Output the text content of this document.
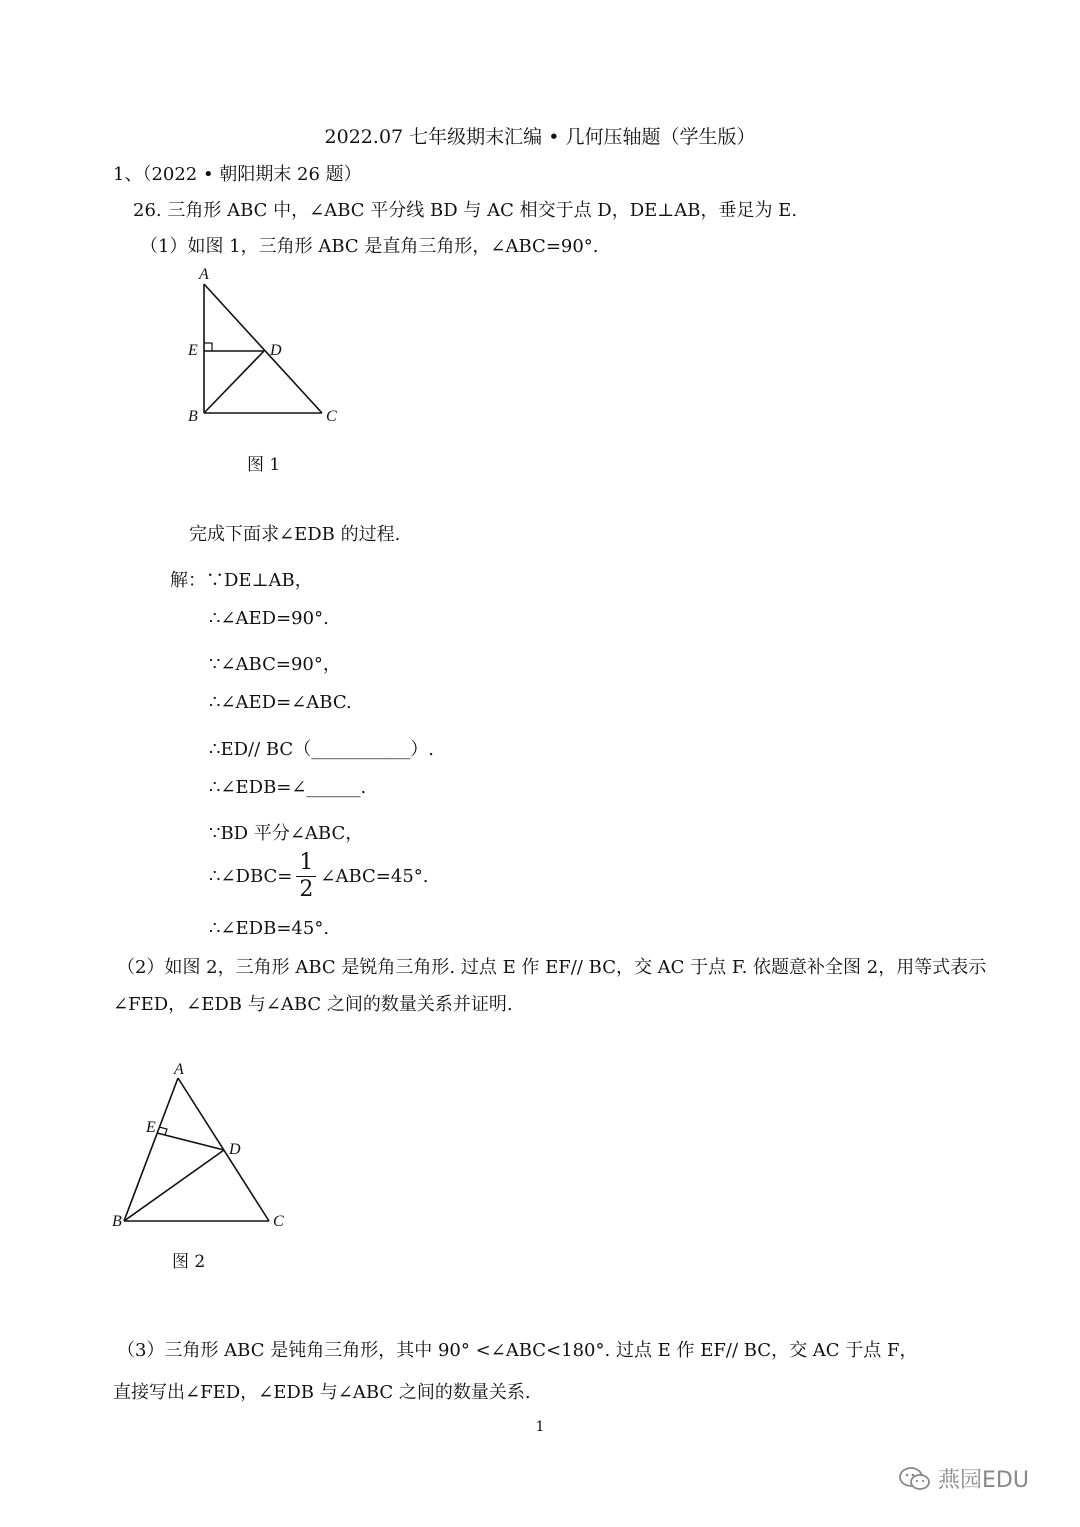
2022.07 七年级期末汇编 • 几何压轴题（学生版）
1、（2022 • 朝阳期末 26 题）
26. 三角形 ABC 中，∠ABC 平分线 BD 与 AC 相交于点 D，DE⊥AB，垂足为 E.
（1）如图 1，三角形 ABC 是直角三角形，∠ABC=90°.
A
E	D
B	C
图 1
完成下面求∠EDB 的过程.
解：∵DE⊥AB，
∴∠AED=90°.
∵∠ABC=90°，
∴∠AED=∠ABC.
∴ED// BC（___________）.
∴∠EDB=∠______.
∵BD 平分∠ABC，
∴∠DBC= $\frac{1}{2}$ ∠ABC=45°.
∴∠EDB=45°.
（2）如图 2，三角形 ABC 是锐角三角形. 过点 E 作 EF// BC，交 AC 于点 F. 依题意补全图 2，用等式表示
∠FED，∠EDB 与∠ABC 之间的数量关系并证明.
A
E
D
B	C
图 2
（3）三角形 ABC 是钝角三角形，其中 90° <∠ABC<180°. 过点 E 作 EF// BC，交 AC 于点 F，
直接写出∠FED，∠EDB 与∠ABC 之间的数量关系.
1
燕园EDU
